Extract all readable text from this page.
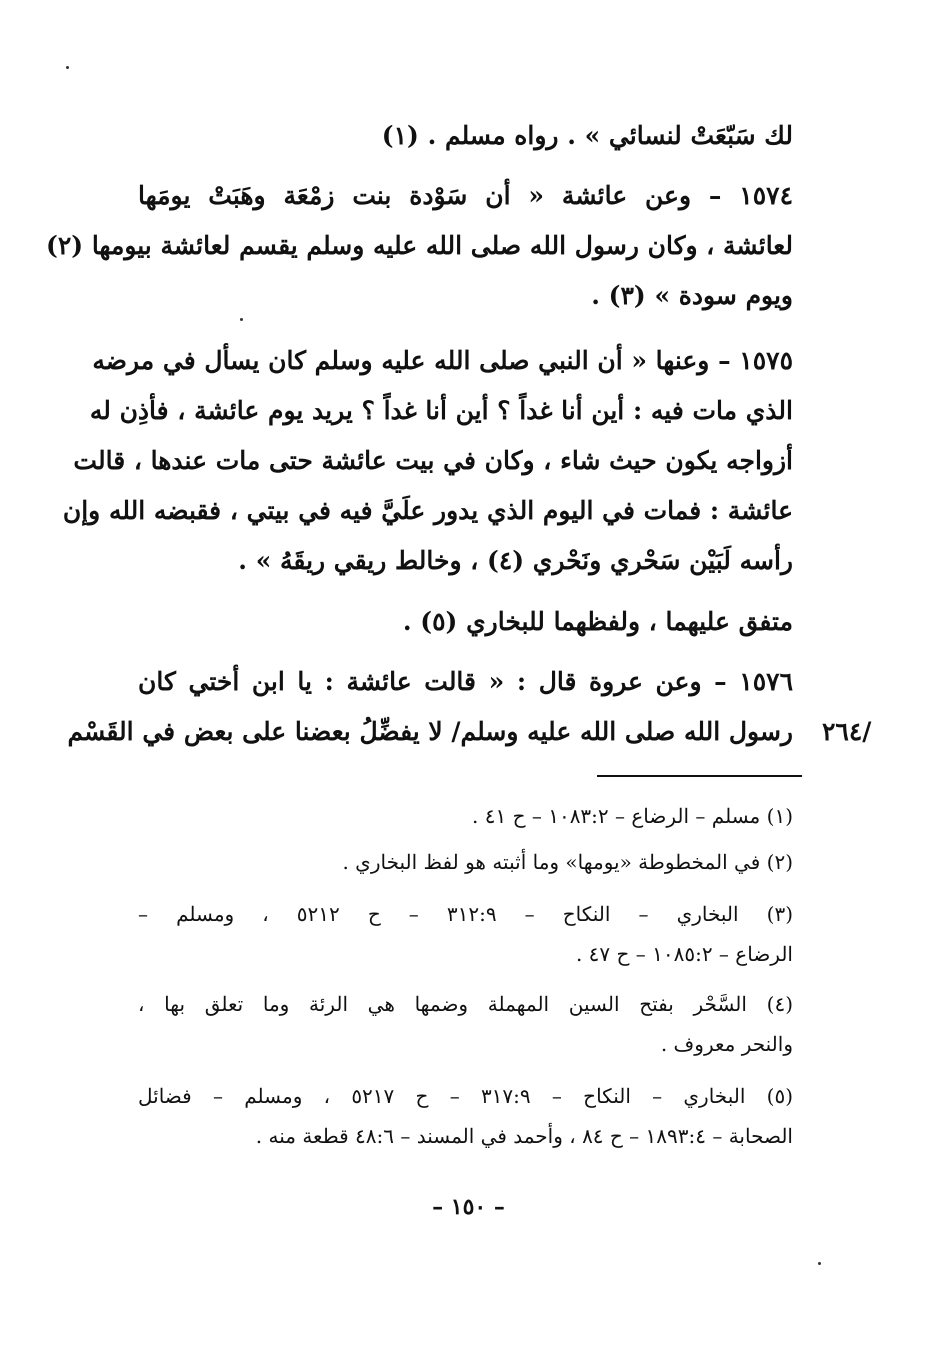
لك سَبّعَتْ لنسائي » . رواه مسلم . (١)
١٥٧٤ – وعن عائشة « أن سَوْدة بنت زمْعَة وهَبَتْ يومَها
لعائشة ، وكان رسول الله صلى الله عليه وسلم يقسم لعائشة بيومها (٢)
ويوم سودة » (٣) .
١٥٧٥ – وعنها « أن النبي صلى الله عليه وسلم كان يسأل في مرضه
الذي مات فيه : أين أنا غداً ؟ أين أنا غداً ؟ يريد يوم عائشة ، فأذِن له
أزواجه يكون حيث شاء ، وكان في بيت عائشة حتى مات عندها ، قالت
عائشة : فمات في اليوم الذي يدور علَيَّ فيه في بيتي ، فقبضه الله وإن
رأسه لَبَيْن سَحْري ونَحْري (٤) ، وخالط ريقي ريقَهُ » .
متفق عليهما ، ولفظهما للبخاري (٥) .
١٥٧٦ – وعن عروة قال : « قالت عائشة : يا ابن أختي كان
رسول الله صلى الله عليه وسلم/ لا يفضِّلُ بعضنا على بعض في القَسْم /٢٦٤
(١) مسلم – الرضاع – ١٠٨٣:٢ – ح ٤١ .
(٢) في المخطوطة «يومها» وما أثبته هو لفظ البخاري .
(٣) البخاري – النكاح – ٣١٢:٩ – ح ٥٢١٢ ، ومسلم –
الرضاع – ١٠٨٥:٢ – ح ٤٧ .
(٤) السَّحْر بفتح السين المهملة وضمها هي الرئة وما تعلق بها ،
والنحر معروف .
(٥) البخاري – النكاح – ٣١٧:٩ – ح ٥٢١٧ ، ومسلم – فضائل
الصحابة – ١٨٩٣:٤ – ح ٨٤ ، وأحمد في المسند – ٤٨:٦ قطعة منه .
– ١٥٠ –
